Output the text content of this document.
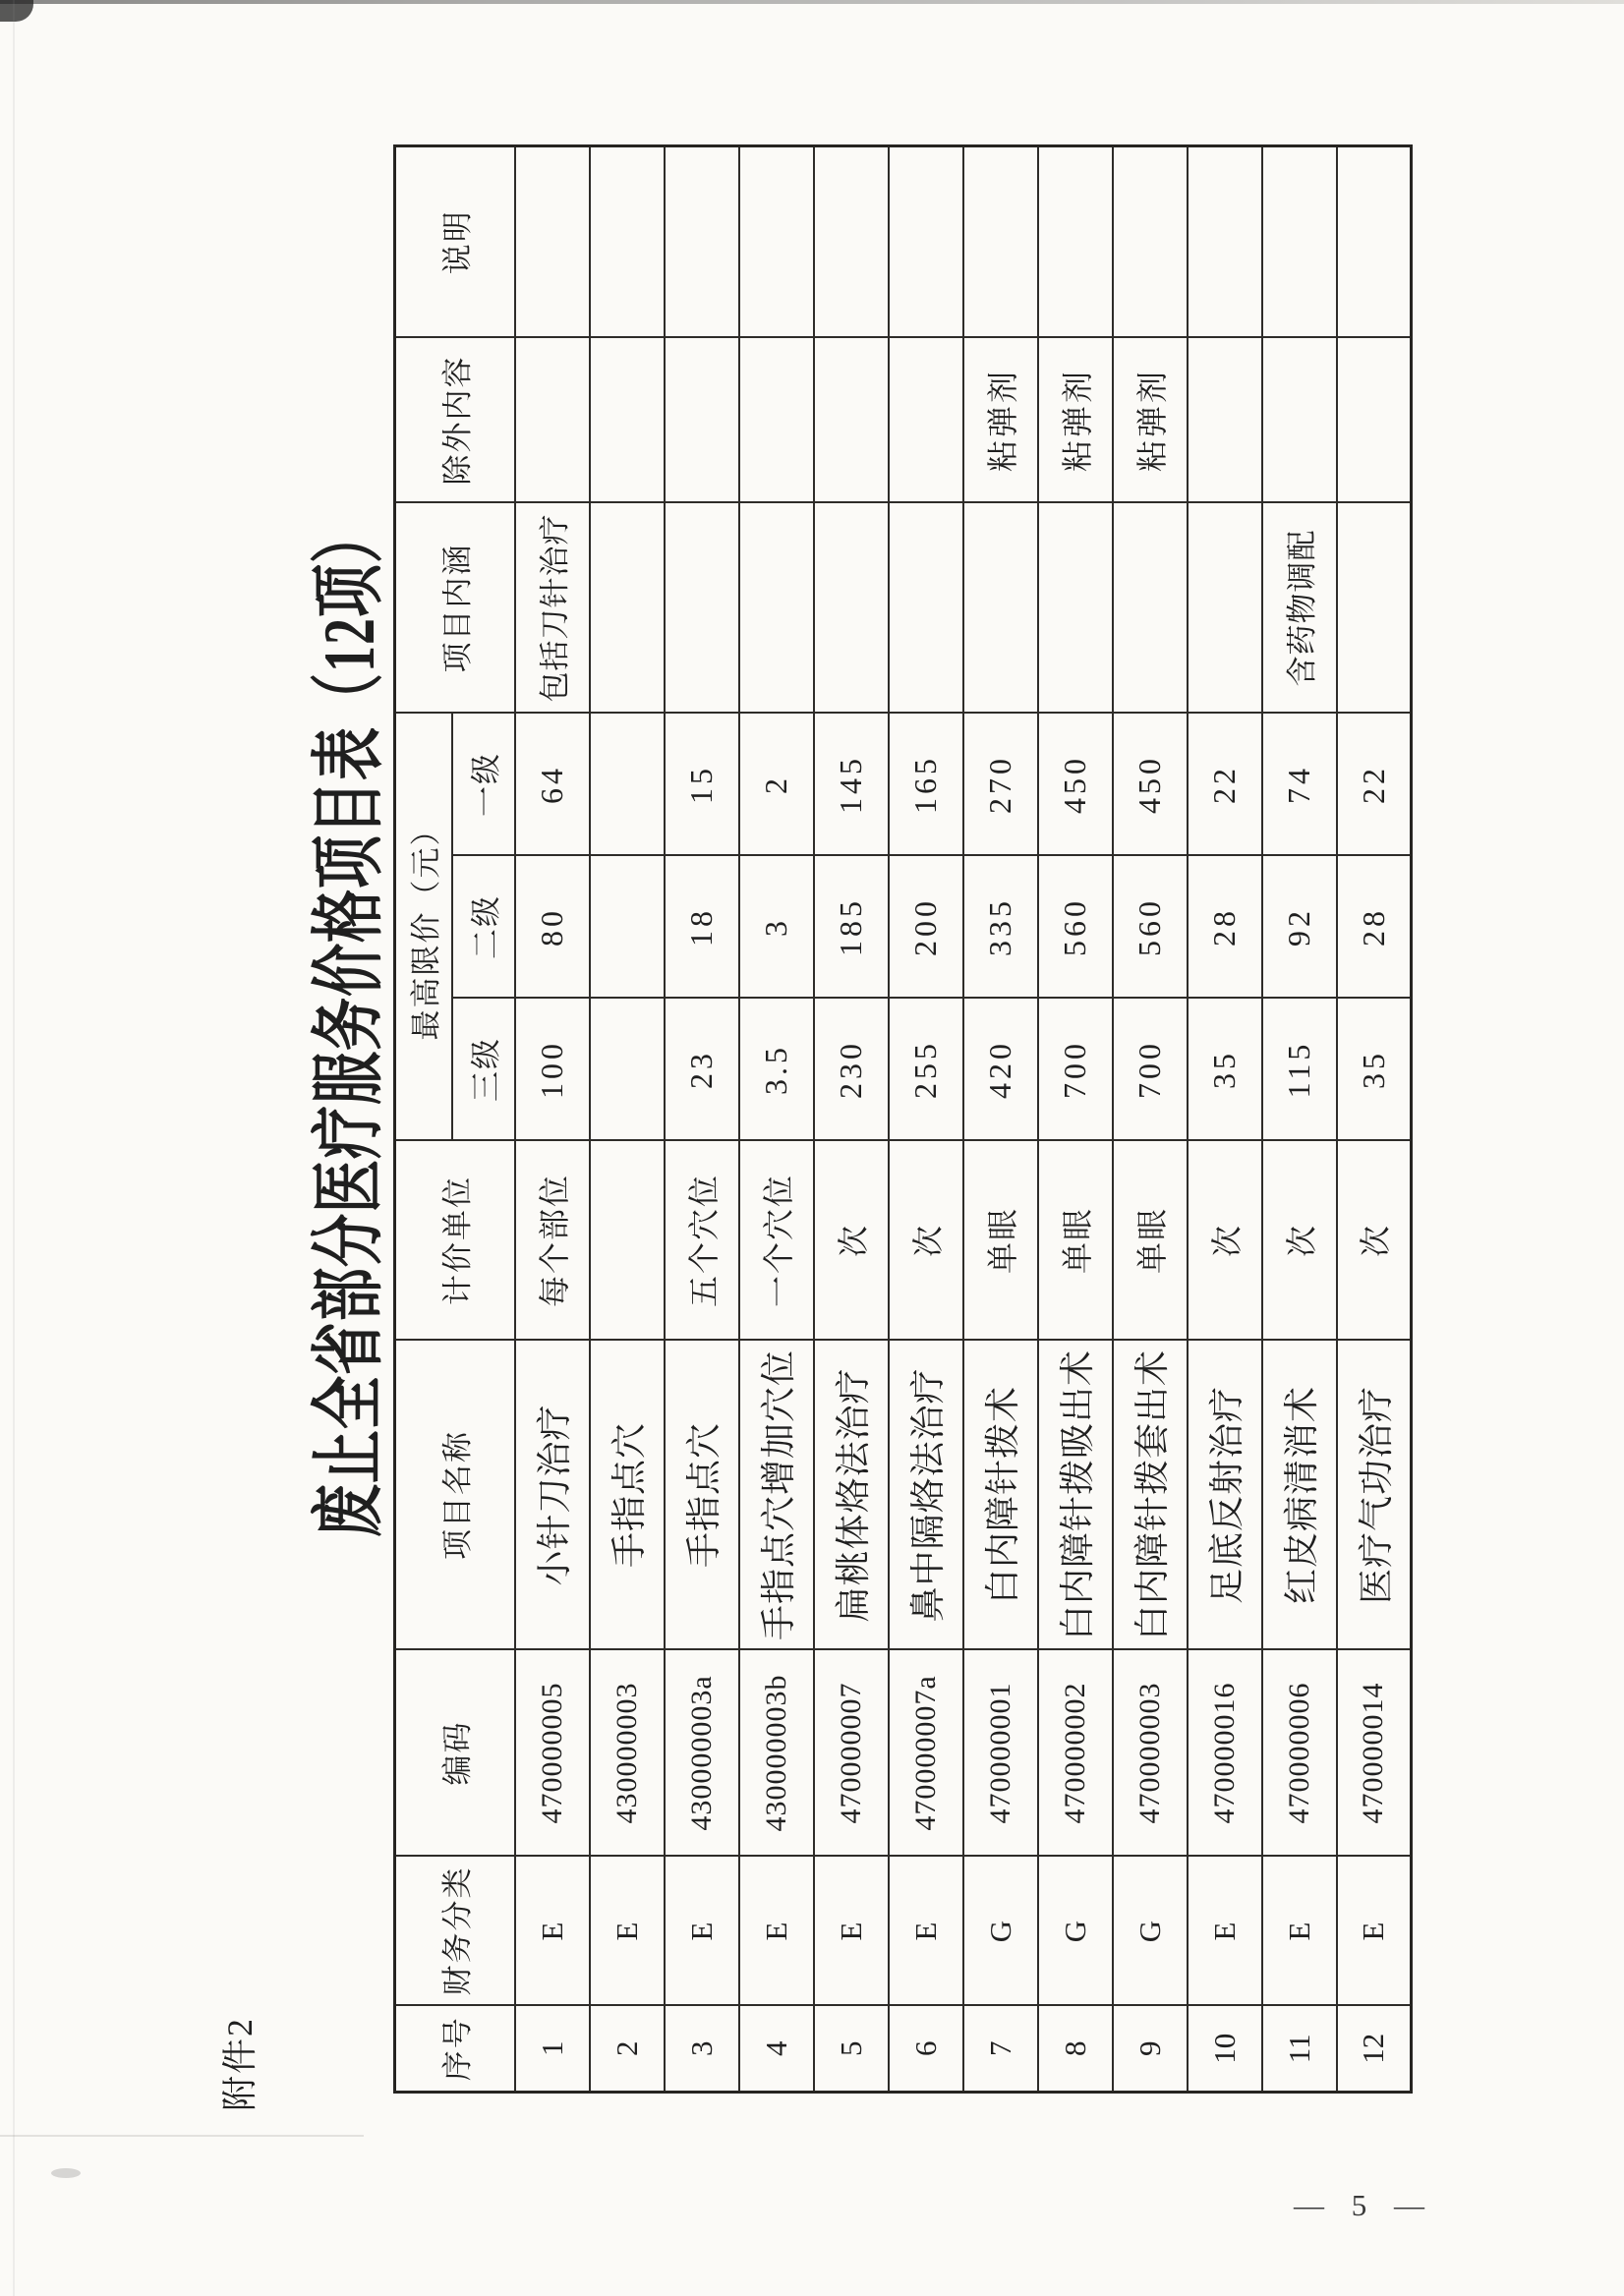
附件2
废止全省部分医疗服务价格项目表（12项）
序号	财务分类	编码	项目名称	计价单位	最高限价（元）			项目内涵	除外内容	说明
					三级	二级	一级			
1	E	470000005	小针刀治疗	每个部位	100	80	64	包括刀针治疗		
2	E	430000003	手指点穴							
3	E	430000003a	手指点穴	五个穴位	23	18	15			
4	E	430000003b	手指点穴增加穴位	一个穴位	3.5	3	2			
5	E	470000007	扁桃体烙法治疗	次	230	185	145			
6	E	470000007a	鼻中隔烙法治疗	次	255	200	165			
7	G	470000001	白内障针拨术	单眼	420	335	270		粘弹剂	
8	G	470000002	白内障针拨吸出术	单眼	700	560	450		粘弹剂	
9	G	470000003	白内障针拨套出术	单眼	700	560	450		粘弹剂	
10	E	470000016	足底反射治疗	次	35	28	22			
11	E	470000006	红皮病清消术	次	115	92	74	含药物调配		
12	E	470000014	医疗气功治疗	次	35	28	22			
— 5 —
